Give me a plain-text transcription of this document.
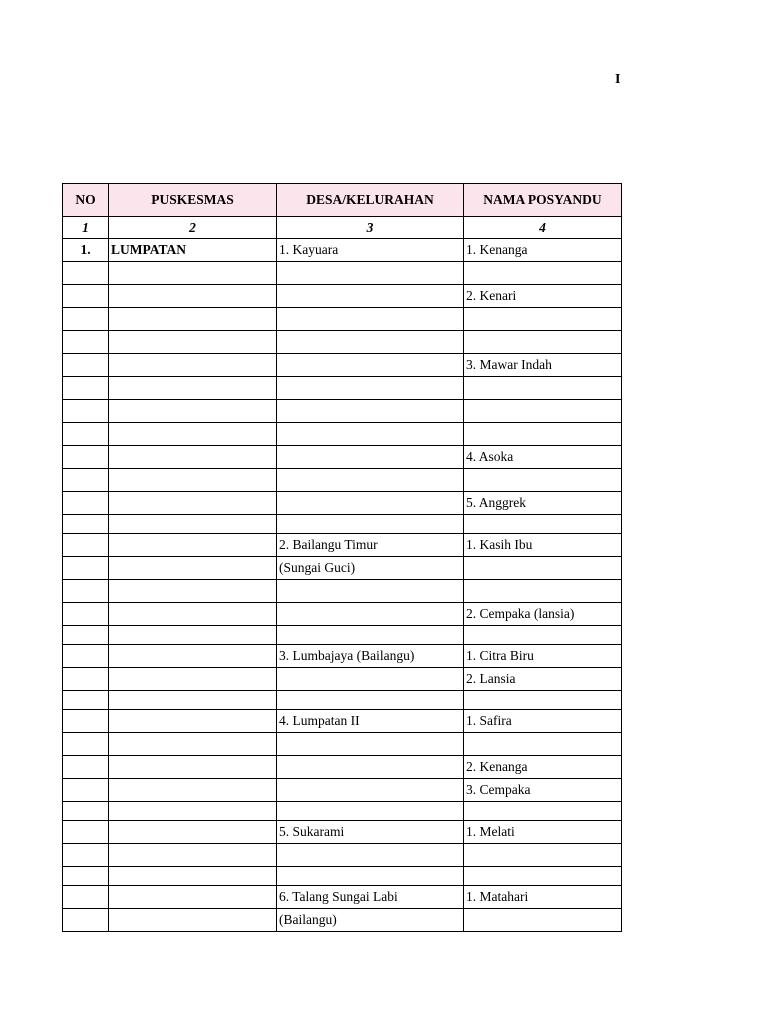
I
NO	PUSKESMAS	DESA/KELURAHAN	NAMA POSYANDU
1	2	3	4
1.	LUMPATAN	1. Kayuara	1. Kenanga

			2. Kenari

			3. Mawar Indah

			4. Asoka

			5. Anggrek

		2. Bailangu Timur	1. Kasih Ibu
		(Sungai Guci)	

			2. Cempaka (lansia)

		3. Lumbajaya (Bailangu)	1. Citra Biru
			2. Lansia

		4. Lumpatan II	1. Safira

			2. Kenanga
			3. Cempaka

		5. Sukarami	1. Melati

		6. Talang Sungai Labi	1. Matahari
		(Bailangu)	
